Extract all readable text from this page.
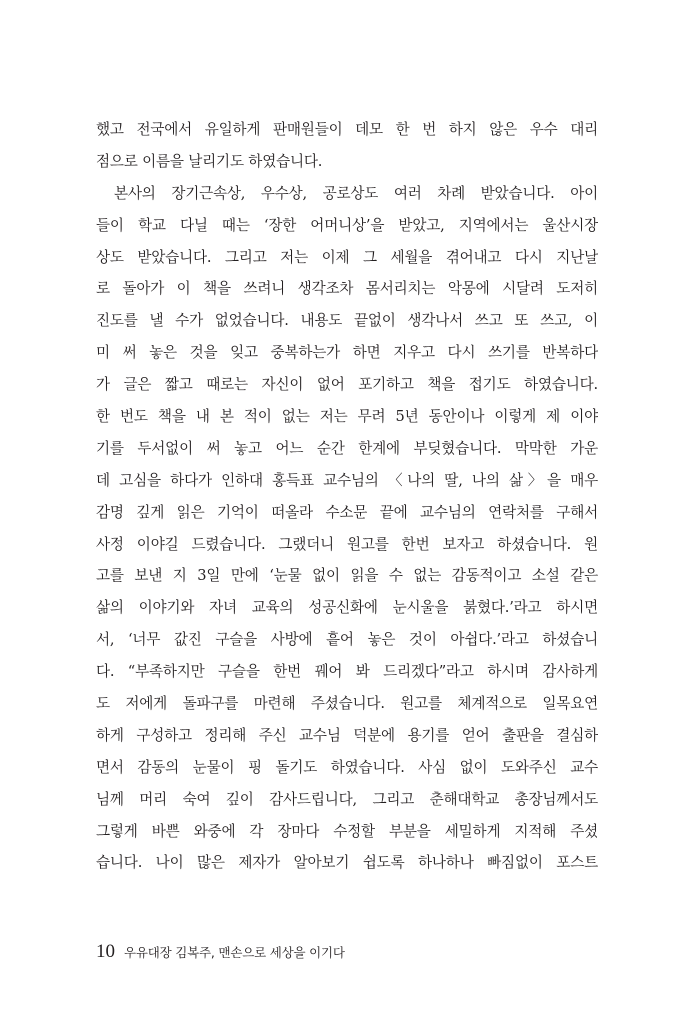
했고 전국에서 유일하게 판매원들이 데모 한 번 하지 않은 우수 대리
점으로 이름을 날리기도 하였습니다.
본사의 장기근속상, 우수상, 공로상도 여러 차례 받았습니다. 아이
들이 학교 다닐 때는 ‘장한 어머니상’을 받았고, 지역에서는 울산시장
상도 받았습니다. 그리고 저는 이제 그 세월을 겪어내고 다시 지난날
로 돌아가 이 책을 쓰려니 생각조차 몸서리치는 악몽에 시달려 도저히
진도를 낼 수가 없었습니다. 내용도 끝없이 생각나서 쓰고 또 쓰고, 이
미 써 놓은 것을 잊고 중복하는가 하면 지우고 다시 쓰기를 반복하다
가 글은 짧고 때로는 자신이 없어 포기하고 책을 접기도 하였습니다.
한 번도 책을 내 본 적이 없는 저는 무려 5년 동안이나 이렇게 제 이야
기를 두서없이 써 놓고 어느 순간 한계에 부딪혔습니다. 막막한 가운
데 고심을 하다가 인하대 홍득표 교수님의 〈나의 딸, 나의 삶〉을 매우
감명 깊게 읽은 기억이 떠올라 수소문 끝에 교수님의 연락처를 구해서
사정 이야길 드렸습니다. 그랬더니 원고를 한번 보자고 하셨습니다. 원
고를 보낸 지 3일 만에 ‘눈물 없이 읽을 수 없는 감동적이고 소설 같은
삶의 이야기와 자녀 교육의 성공신화에 눈시울을 붉혔다.’라고 하시면
서, ‘너무 값진 구슬을 사방에 흩어 놓은 것이 아쉽다.’라고 하셨습니
다. “부족하지만 구슬을 한번 꿰어 봐 드리겠다”라고 하시며 감사하게
도 저에게 돌파구를 마련해 주셨습니다. 원고를 체계적으로 일목요연
하게 구성하고 정리해 주신 교수님 덕분에 용기를 얻어 출판을 결심하
면서 감동의 눈물이 핑 돌기도 하였습니다. 사심 없이 도와주신 교수
님께 머리 숙여 깊이 감사드립니다, 그리고 춘해대학교 총장님께서도
그렇게 바쁜 와중에 각 장마다 수정할 부분을 세밀하게 지적해 주셨
습니다. 나이 많은 제자가 알아보기 쉽도록 하나하나 빠짐없이 포스트
10 우유대장 김복주, 맨손으로 세상을 이기다
